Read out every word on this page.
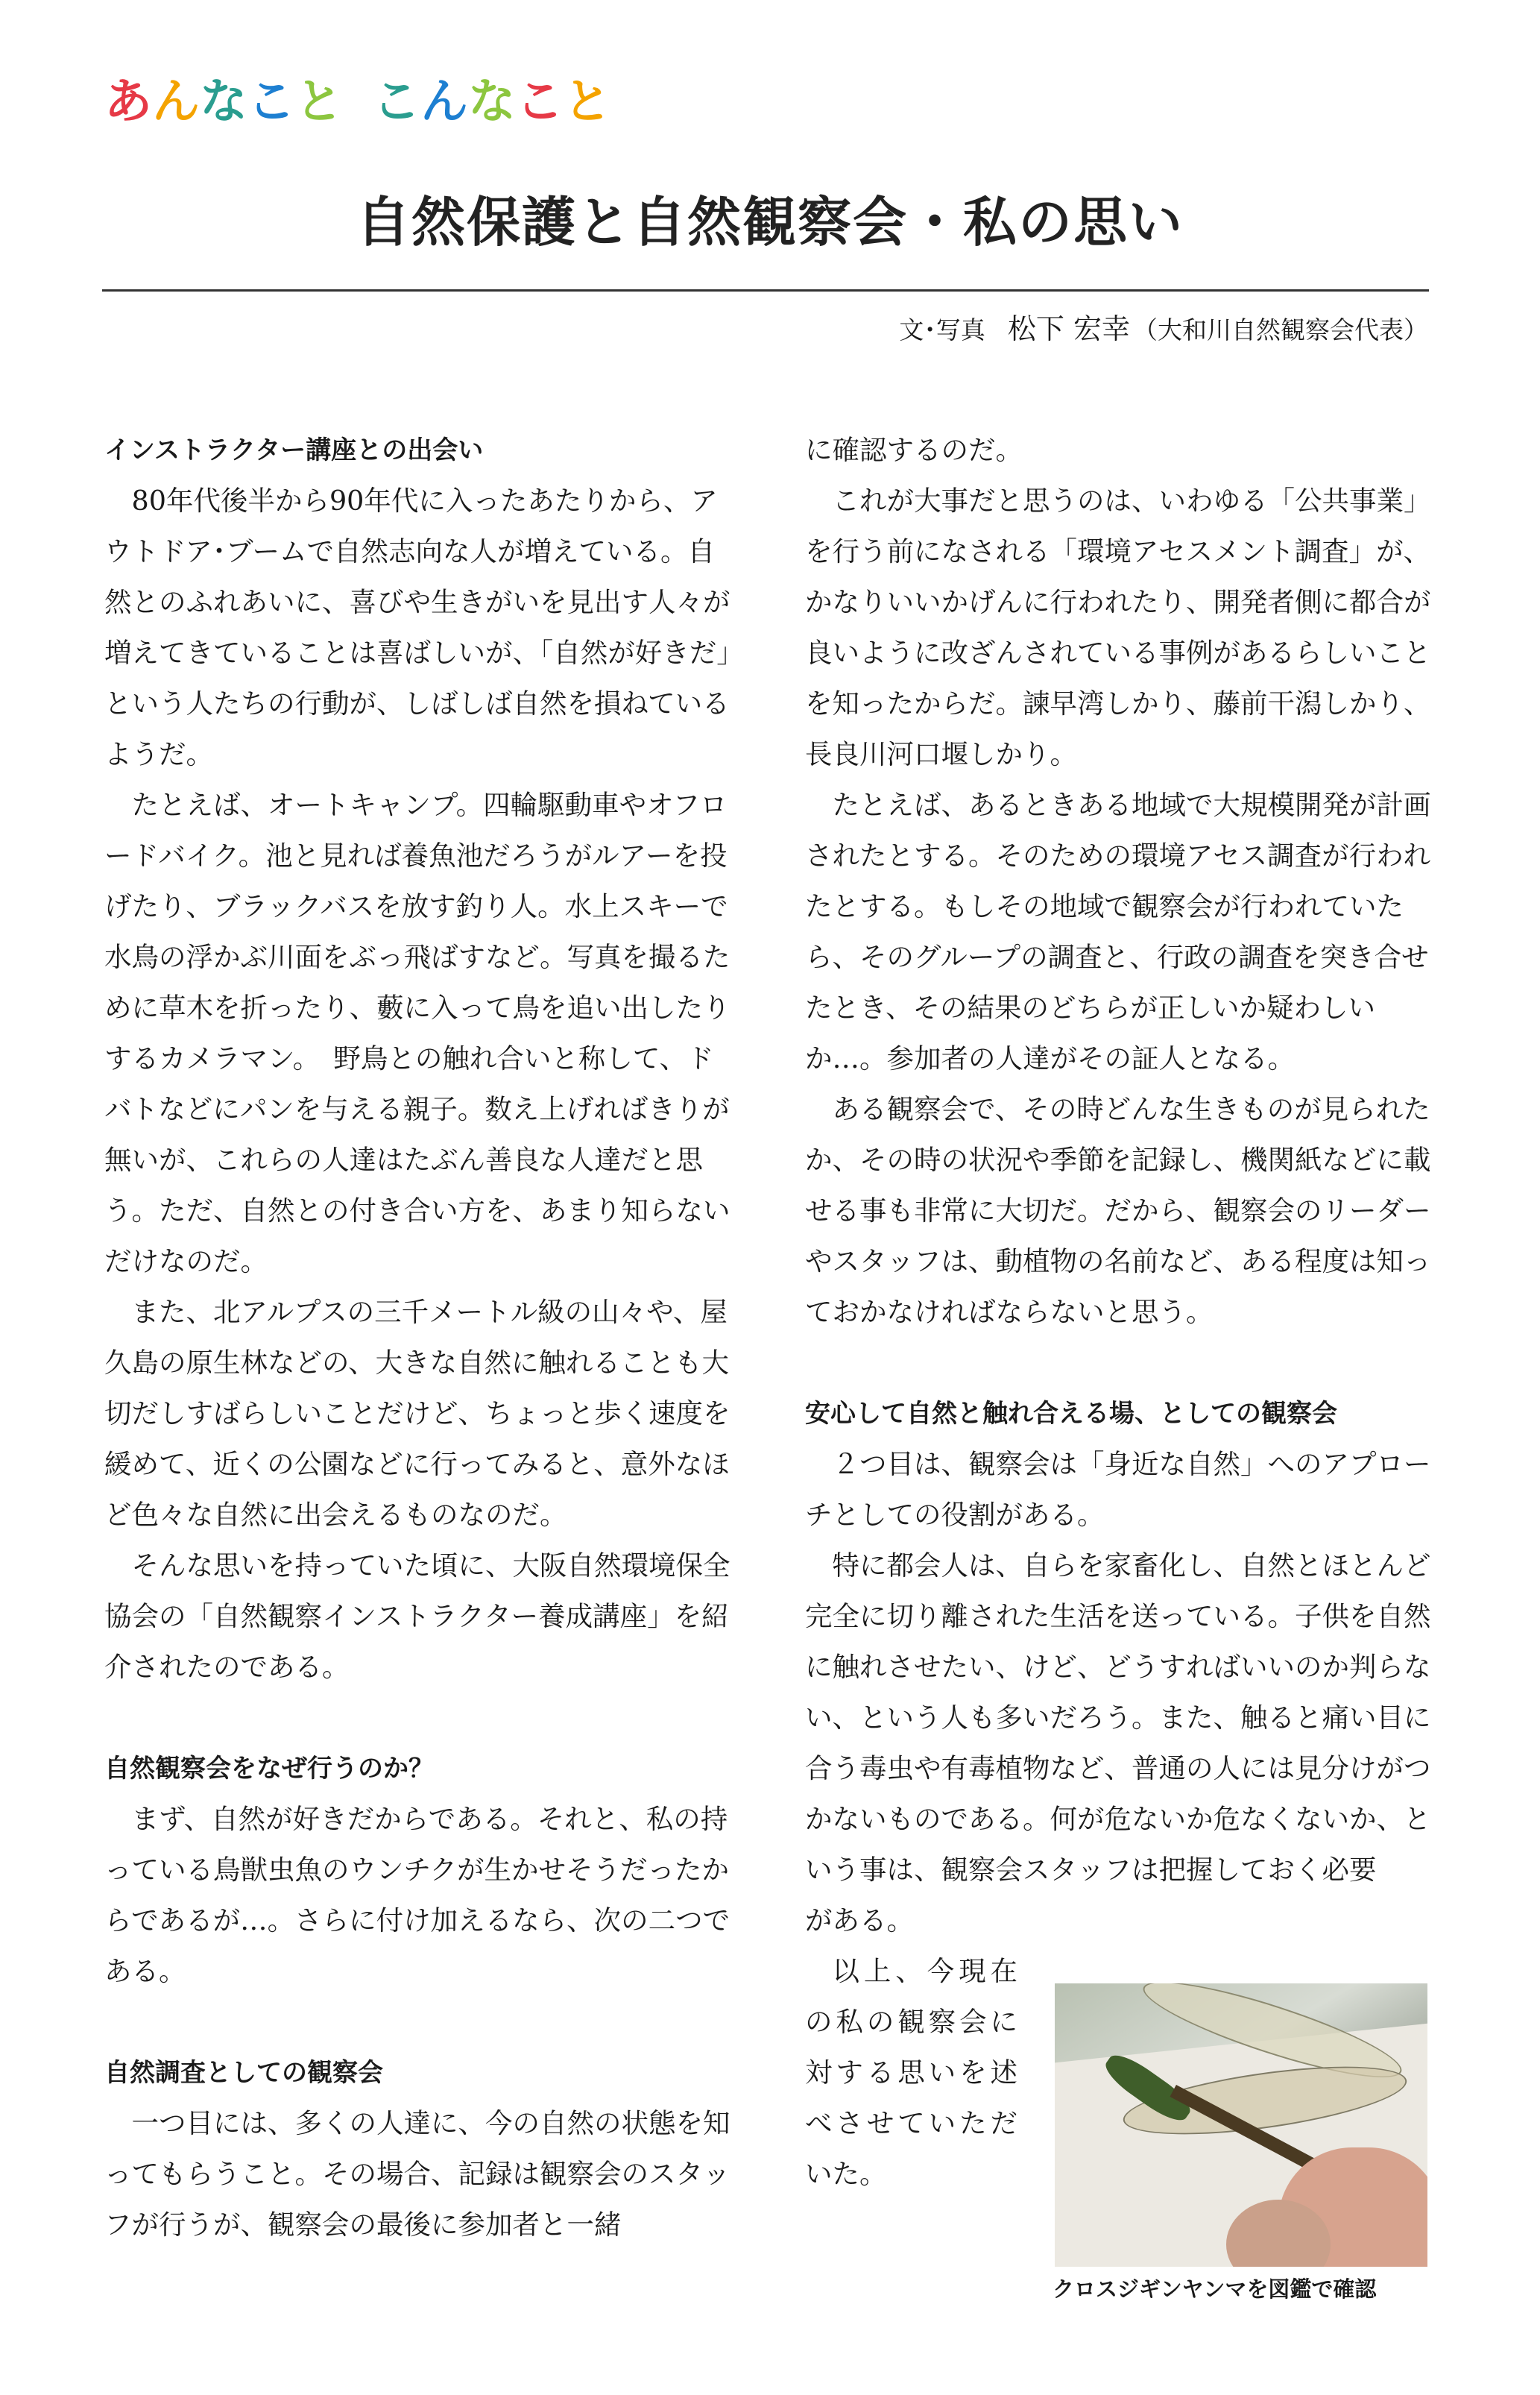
あんなこと こんなこと
自然保護と自然観察会・私の思い
文･写真 松下 宏幸 （大和川自然観察会代表）
インストラクター講座との出会い

80年代後半から90年代に入ったあたりから、アウトドア･ブームで自然志向な人が増えている。自然とのふれあいに、喜びや生きがいを見出す人々が増えてきていることは喜ばしいが、「自然が好きだ」という人たちの行動が、しばしば自然を損ねているようだ。

たとえば、オートキャンプ。四輪駆動車やオフロードバイク。池と見れば養魚池だろうがルアーを投げたり、ブラックバスを放す釣り人。水上スキーで水鳥の浮かぶ川面をぶっ飛ばすなど。写真を撮るために草木を折ったり、藪に入って鳥を追い出したりするカメラマン。　野鳥との触れ合いと称して、ドバトなどにパンを与える親子。数え上げればきりが無いが、これらの人達はたぶん善良な人達だと思う。ただ、自然との付き合い方を、あまり知らないだけなのだ。

また、北アルプスの三千メートル級の山々や、屋久島の原生林などの、大きな自然に触れることも大切だしすばらしいことだけど、ちょっと歩く速度を緩めて、近くの公園などに行ってみると、意外なほど色々な自然に出会えるものなのだ。

そんな思いを持っていた頃に、大阪自然環境保全協会の「自然観察インストラクター養成講座」を紹介されたのである。

自然観察会をなぜ行うのか？

まず、自然が好きだからである。それと、私の持っている鳥獣虫魚のウンチクが生かせそうだったからであるが…。さらに付け加えるなら、次の二つである。

自然調査としての観察会

一つ目には、多くの人達に、今の自然の状態を知ってもらうこと。その場合、記録は観察会のスタッフが行うが、観察会の最後に参加者と一緒

に確認するのだ。

これが大事だと思うのは、いわゆる「公共事業」を行う前になされる「環境アセスメント調査」が、かなりいいかげんに行われたり、開発者側に都合が良いように改ざんされている事例があるらしいことを知ったからだ。諫早湾しかり、藤前干潟しかり、長良川河口堰しかり。

たとえば、あるときある地域で大規模開発が計画されたとする。そのための環境アセス調査が行われたとする。もしその地域で観察会が行われていたら、そのグループの調査と、行政の調査を突き合せたとき、その結果のどちらが正しいか疑わしいか…。参加者の人達がその証人となる。

ある観察会で、その時どんな生きものが見られたか、その時の状況や季節を記録し、機関紙などに載せる事も非常に大切だ。だから、観察会のリーダーやスタッフは、動植物の名前など、ある程度は知っておかなければならないと思う。

安心して自然と触れ合える場、としての観察会

２つ目は、観察会は「身近な自然」へのアプローチとしての役割がある。

特に都会人は、自らを家畜化し、自然とほとんど完全に切り離された生活を送っている。子供を自然に触れさせたい、けど、どうすればいいのか判らない、という人も多いだろう。また、触ると痛い目に合う毒虫や有毒植物など、普通の人には見分けがつかないものである。何が危ないか危なくないか、という事は、観察会スタッフは把握しておく必要

がある。

以上、今現在の私の観察会に対する思いを述べさせていただいた。

クロスジギンヤンマを図鑑で確認
